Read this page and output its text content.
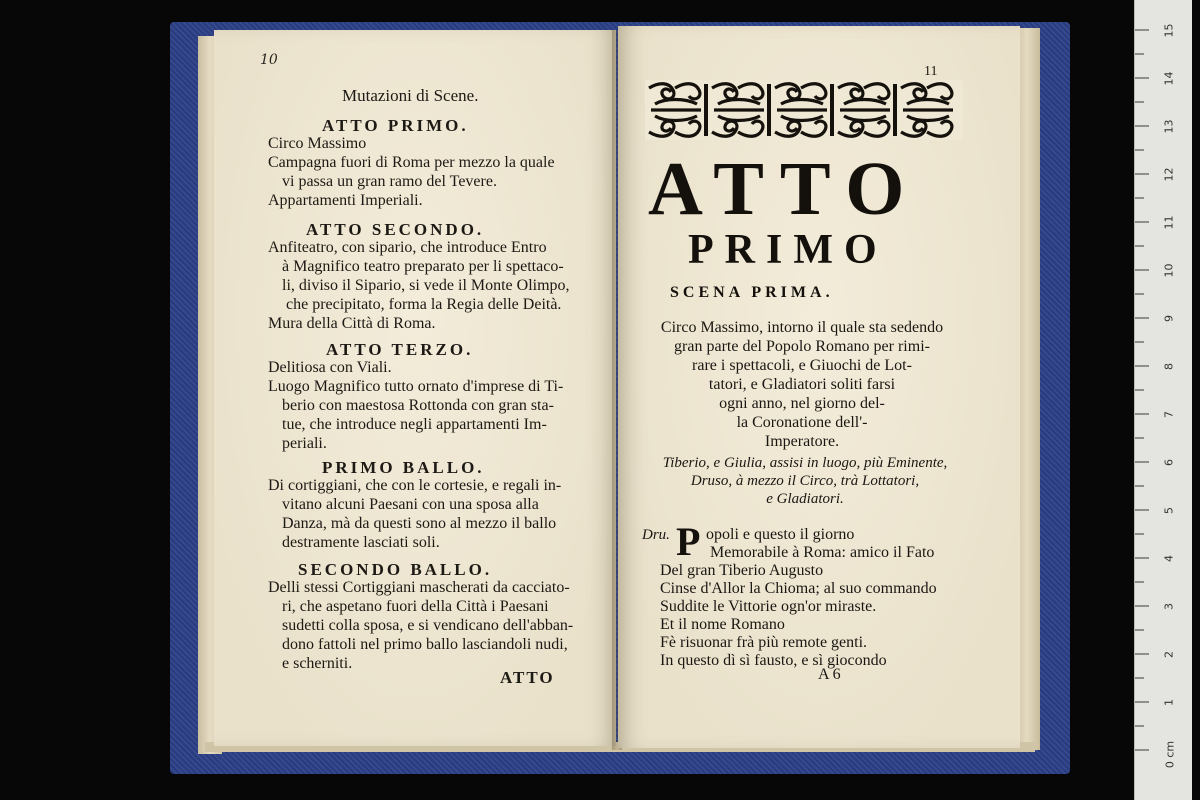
10
Mutazioni di Scene.
ATTO PRIMO.
Circo Massimo
Campagna fuori di Roma per mezzo la quale
vi passa un gran ramo del Tevere.
Appartamenti Imperiali.
ATTO SECONDO.
Anfiteatro, con sipario, che introduce Entro
à Magnifico teatro preparato per li spettaco-
li, diviso il Sipario, si vede il Monte Olimpo,
che precipitato, forma la Regia delle Deità.
Mura della Città di Roma.
ATTO TERZO.
Delitiosa con Viali.
Luogo Magnifico tutto ornato d'imprese di Ti-
berio con maestosa Rottonda con gran sta-
tue, che introduce negli appartamenti Im-
periali.
PRIMO BALLO.
Di cortiggiani, che con le cortesie, e regali in-
vitano alcuni Paesani con una sposa alla
Danza, mà da questi sono al mezzo il ballo
destramente lasciati soli.
SECONDO BALLO.
Delli stessi Cortiggiani mascherati da cacciato-
ri, che aspetano fuori della Città i Paesani
sudetti colla sposa, e si vendicano dell'abban-
dono fattoli nel primo ballo lasciandoli nudi,
e scherniti.
ATTO
11
ATTO
PRIMO
SCENA PRIMA.
Circo Massimo, intorno il quale sta sedendo
gran parte del Popolo Romano per rimi-
rare i spettacoli, e Giuochi de Lot-
tatori, e Gladiatori soliti farsi
ogni anno, nel giorno del-
la Coronatione dell'-
Imperatore.
Tiberio, e Giulia, assisi in luogo, più Eminente,
Druso, à mezzo il Circo, trà Lottatori,
e Gladiatori.
Dru. P opoli e questo il giorno
Memorabile à Roma: amico il Fato
Del gran Tiberio Augusto
Cinse d'Allor la Chioma; al suo commando
Suddite le Vittorie ogn'or miraste.
Et il nome Romano
Fè risuonar frà più remote genti.
In questo dì sì fausto, e sì giocondo
A 6
15
14
13
12
11
10
9
8
7
6
5
4
3
2
1
0 cm
